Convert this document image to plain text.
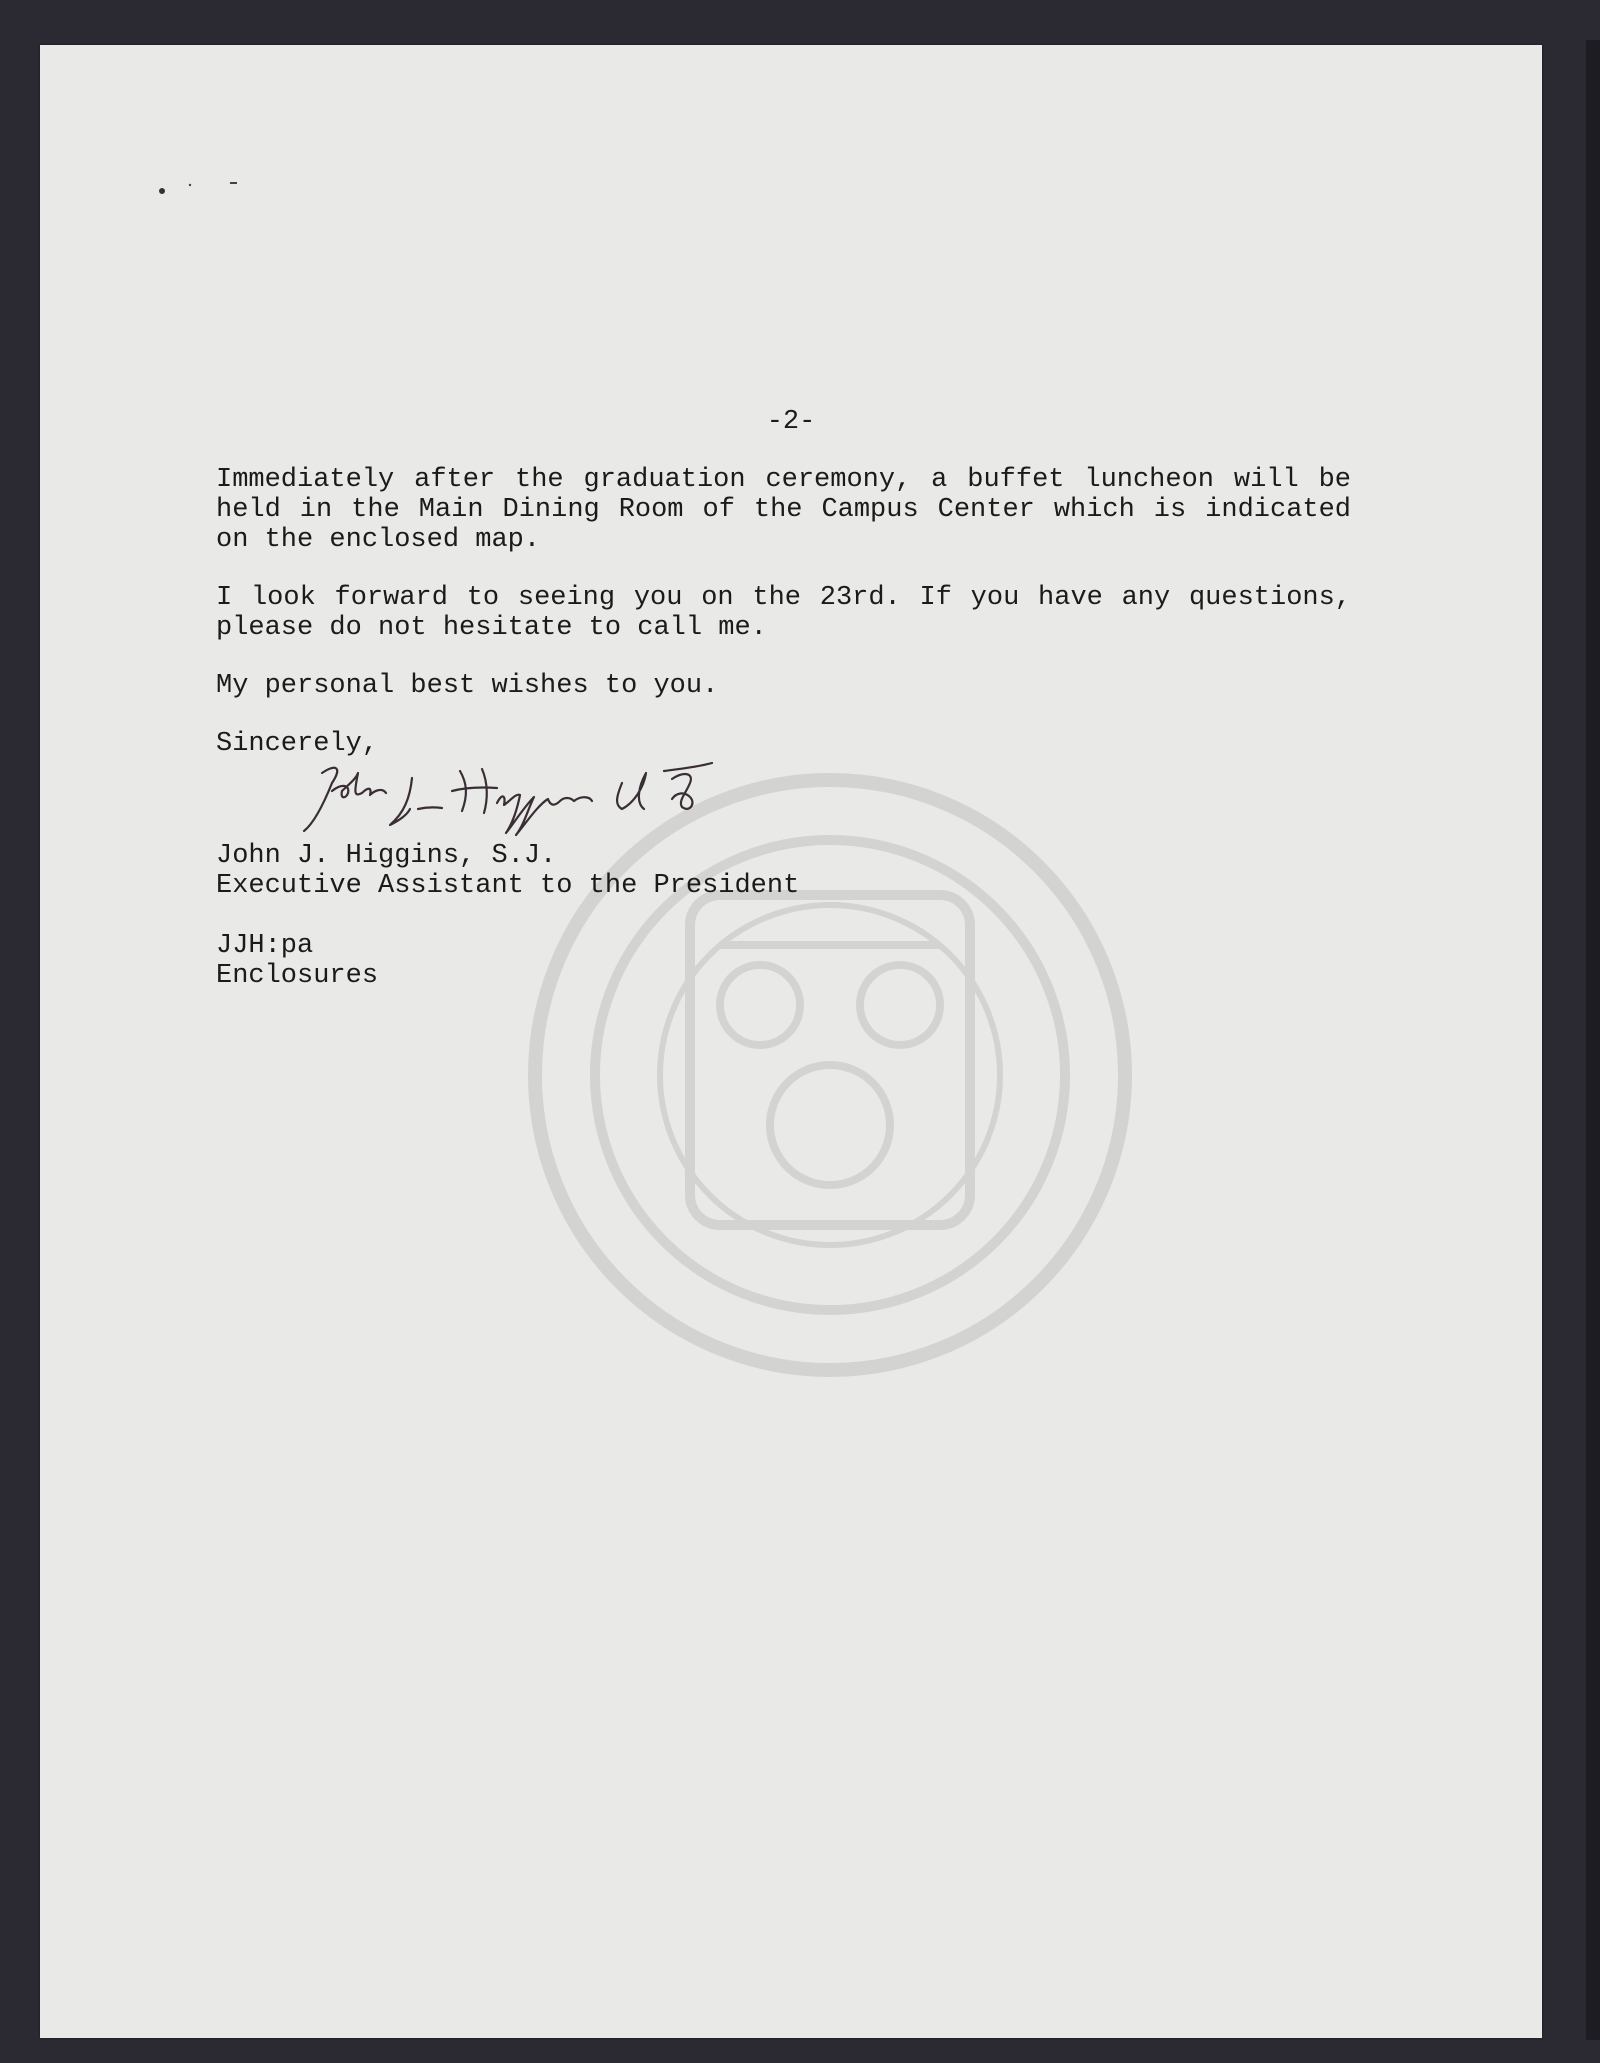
-2-

Immediately after the graduation ceremony, a buffet luncheon will be held in the Main Dining Room of the Campus Center which is indicated on the enclosed map.

I look forward to seeing you on the 23rd. If you have any questions, please do not hesitate to call me.

My personal best wishes to you.

Sincerely,

John J. Higgins, S.J.

Executive Assistant to the President

JJH:pa

Enclosures
